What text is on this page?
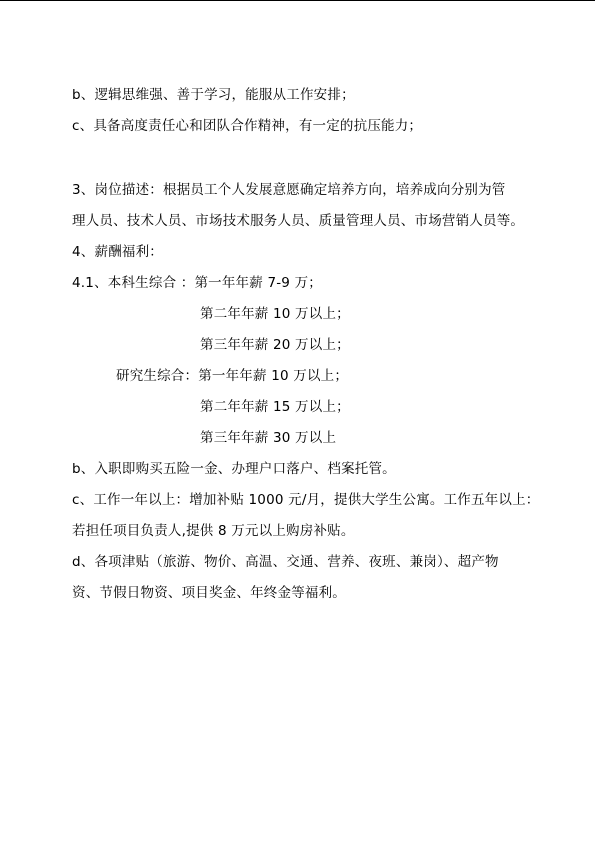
b、逻辑思维强、善于学习，能服从工作安排；
c、具备高度责任心和团队合作精神，有一定的抗压能力；
3、岗位描述：根据员工个人发展意愿确定培养方向，培养成向分别为管
理人员、技术人员、市场技术服务人员、质量管理人员、市场营销人员等。
4、薪酬福利：
4.1、本科生综合 ：第一年年薪 7-9 万；
第二年年薪 10 万以上；
第三年年薪 20 万以上；
研究生综合：第一年年薪 10 万以上；
第二年年薪 15 万以上；
第三年年薪 30 万以上
b、入职即购买五险一金、办理户口落户、档案托管。
c、工作一年以上：增加补贴 1000 元/月，提供大学生公寓。工作五年以上：
若担任项目负责人,提供 8 万元以上购房补贴。
d、各项津贴（旅游、物价、高温、交通、营养、夜班、兼岗）、超产物
资、节假日物资、项目奖金、年终金等福利。
